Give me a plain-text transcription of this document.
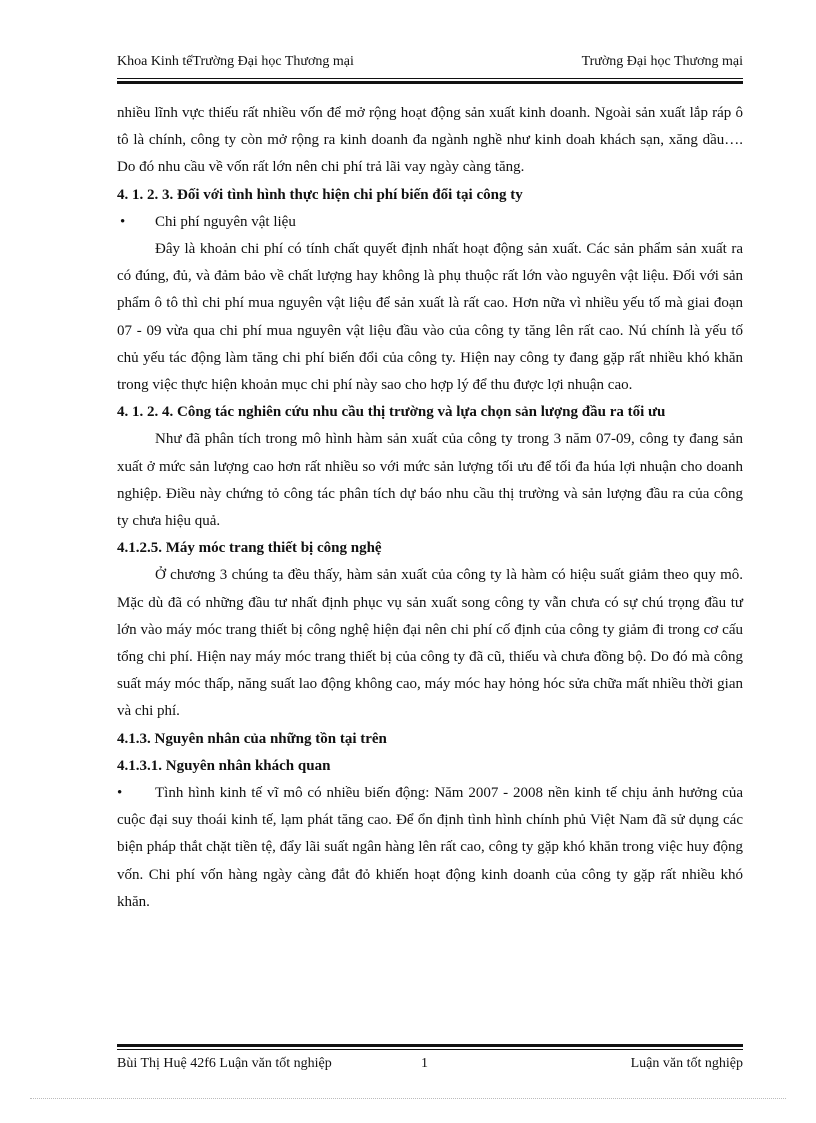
Khoa Kinh tếTrường Đại học Thương mại	Trường Đại học Thương mại

nhiều lĩnh vực thiếu rất nhiều vốn để mở rộng hoạt động sản xuất kinh doanh. Ngoài sản xuất lắp ráp ô tô là chính, công ty còn mở rộng ra kinh doanh đa ngành nghề như kinh doah khách sạn, xăng dầu…. Do đó nhu cầu về vốn rất lớn nên chi phí trả lãi vay ngày càng tăng.

4. 1. 2. 3. Đối với tình hình thực hiện chi phí biến đổi tại công ty

• Chi phí nguyên vật liệu

Đây là khoản chi phí có tính chất quyết định nhất hoạt động sản xuất. Các sản phẩm sản xuất ra có đúng, đủ, và đảm bảo về chất lượng hay không là phụ thuộc rất lớn vào nguyên vật liệu. Đối với sản phẩm ô tô thì chi phí mua nguyên vật liệu để sản xuất là rất cao. Hơn nữa vì nhiều yếu tố mà giai đoạn 07 - 09 vừa qua chi phí mua nguyên vật liệu đầu vào của công ty tăng lên rất cao. Nú chính là yếu tố chủ yếu tác động làm tăng chi phí biến đổi của công ty. Hiện nay công ty đang gặp rất nhiều khó khăn trong việc thực hiện khoản mục chi phí này sao cho hợp lý để thu được lợi nhuận cao.

4. 1. 2. 4. Công tác nghiên cứu nhu cầu thị trường và lựa chọn sản lượng đầu ra tối ưu

Như đã phân tích trong mô hình hàm sản xuất của công ty trong 3 năm 07-09, công ty đang sản xuất ở mức sản lượng cao hơn rất nhiều so với mức sản lượng tối ưu để tối đa húa lợi nhuận cho doanh nghiệp. Điều này chứng tỏ công tác phân tích dự báo nhu cầu thị trường và sản lượng đầu ra của công ty chưa hiệu quả.

4.1.2.5. Máy móc trang thiết bị công nghệ

Ở chương 3 chúng ta đều thấy, hàm sản xuất của công ty là hàm có hiệu suất giảm theo quy mô. Mặc dù đã có những đầu tư nhất định phục vụ sản xuất song công ty vẫn chưa có sự chú trọng đầu tư lớn vào máy móc trang thiết bị công nghệ hiện đại nên chi phí cố định của công ty giảm đi trong cơ cấu tổng chi phí. Hiện nay máy móc trang thiết bị của công ty đã cũ, thiếu và chưa đồng bộ. Do đó mà công suất máy móc thấp, năng suất lao động không cao, máy móc hay hỏng hóc sửa chữa mất nhiều thời gian và chi phí.

4.1.3. Nguyên nhân của những tồn tại trên

4.1.3.1. Nguyên nhân khách quan

• Tình hình kinh tế vĩ mô có nhiều biến động: Năm 2007 - 2008 nền kinh tế chịu ảnh hưởng của cuộc đại suy thoái kinh tế, lạm phát tăng cao. Để ổn định tình hình chính phủ Việt Nam đã sử dụng các biện pháp thắt chặt tiền tệ, đẩy lãi suất ngân hàng lên rất cao, công ty gặp khó khăn trong việc huy động vốn. Chi phí vốn hàng ngày càng đắt đỏ khiến hoạt động kinh doanh của công ty gặp rất nhiều khó khăn.

Bùi Thị Huệ 42f6 Luận văn tốt nghiệp	1	Luận văn tốt nghiệp
